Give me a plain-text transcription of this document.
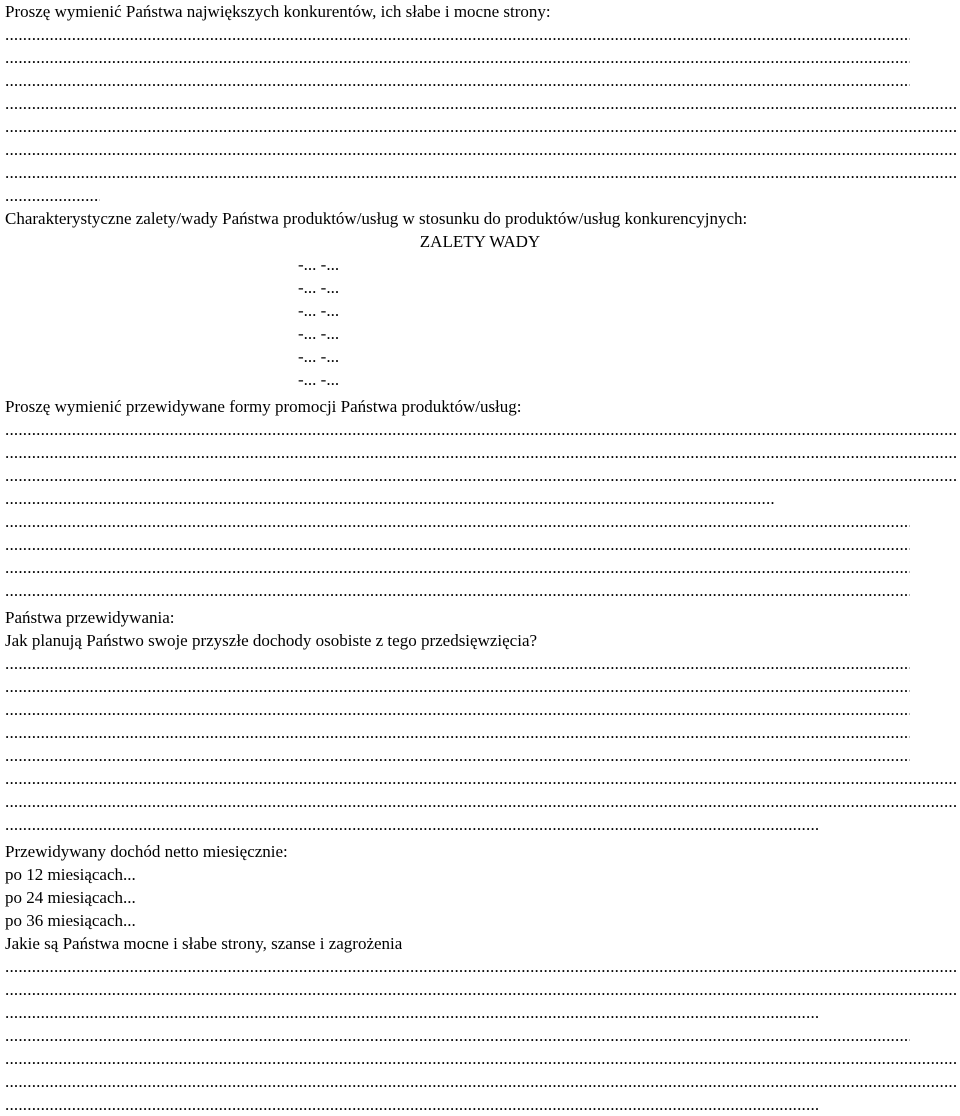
Proszę wymienić Państwa największych konkurentów, ich słabe i mocne strony:
.....
.....
.....
.....
.....
.....
.....
.....
Charakterystyczne zalety/wady Państwa produktów/usług w stosunku do produktów/usług konkurencyjnych:
ZALETY WADY
-... -...
-... -...
-... -...
-... -...
-... -...
-... -...
Proszę wymienić przewidywane formy promocji Państwa produktów/usług:
.....
.....
.....
.....
.....
.....
.....
.....
Państwa przewidywania:
Jak planują Państwo swoje przyszłe dochody osobiste z tego przedsięwzięcia?
.....
.....
.....
.....
.....
.....
.....
.....
Przewidywany dochód netto miesięcznie:
po 12 miesiącach...
po 24 miesiącach...
po 36 miesiącach...
Jakie są Państwa mocne i słabe strony, szanse i zagrożenia
.....
.....
.....
.....
.....
.....
.....
